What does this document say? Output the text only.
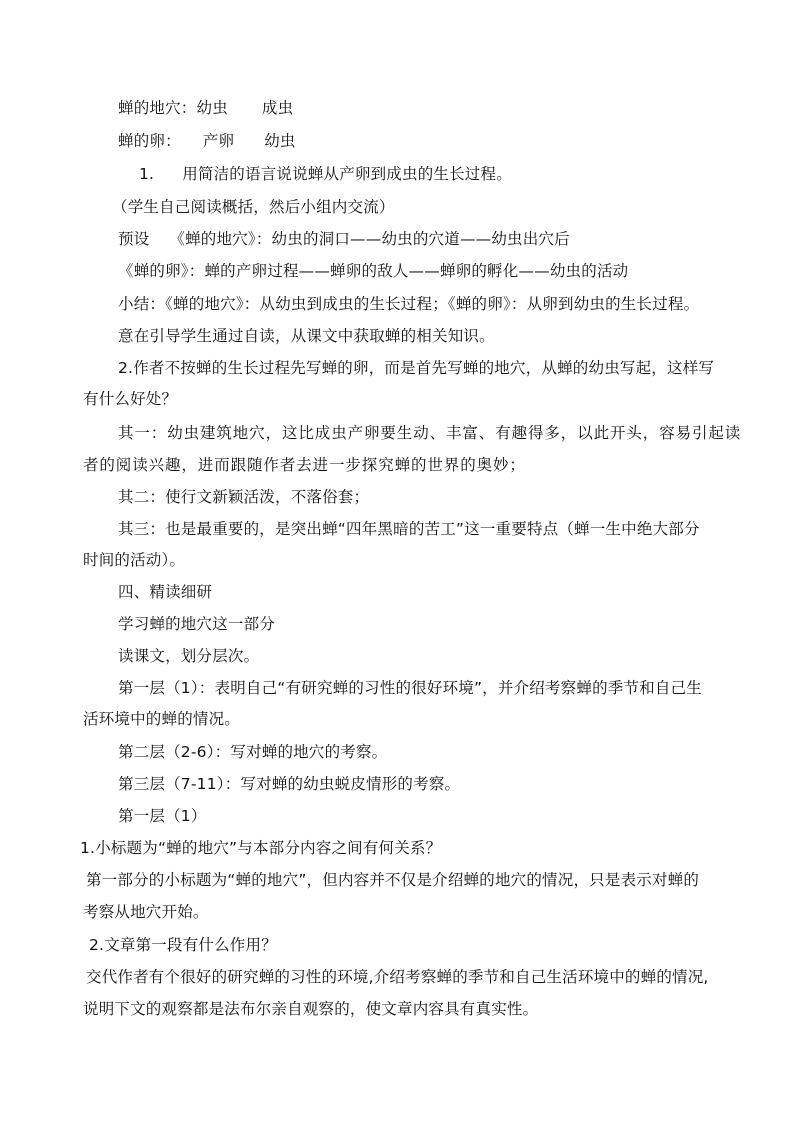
蝉的地穴：幼虫 成虫
蝉的卵： 产卵 幼虫
1. 用简洁的语言说说蝉从产卵到成虫的生长过程。
（学生自己阅读概括，然后小组内交流）
预设 《蝉的地穴》：幼虫的洞口——幼虫的穴道——幼虫出穴后
《蝉的卵》：蝉的产卵过程——蝉卵的敌人——蝉卵的孵化——幼虫的活动
小结：《蝉的地穴》：从幼虫到成虫的生长过程；《蝉的卵》：从卵到幼虫的生长过程。
意在引导学生通过自读，从课文中获取蝉的相关知识。
2.作者不按蝉的生长过程先写蝉的卵，而是首先写蝉的地穴，从蝉的幼虫写起，这样写
有什么好处？
其一：幼虫建筑地穴，这比成虫产卵要生动、丰富、有趣得多，以此开头，容易引起读
者的阅读兴趣，进而跟随作者去进一步探究蝉的世界的奥妙；
其二：使行文新颖活泼，不落俗套；
其三：也是最重要的，是突出蝉“四年黑暗的苦工”这一重要特点（蝉一生中绝大部分
时间的活动）。
四、精读细研
学习蝉的地穴这一部分
读课文，划分层次。
第一层（1）：表明自己“有研究蝉的习性的很好环境”，并介绍考察蝉的季节和自己生
活环境中的蝉的情况。
第二层（2-6）：写对蝉的地穴的考察。
第三层（7-11）：写对蝉的幼虫蜕皮情形的考察。
第一层（1）
1.小标题为“蝉的地穴”与本部分内容之间有何关系？
第一部分的小标题为“蝉的地穴”，但内容并不仅是介绍蝉的地穴的情况，只是表示对蝉的
考察从地穴开始。
2.文章第一段有什么作用？
交代作者有个很好的研究蝉的习性的环境,介绍考察蝉的季节和自己生活环境中的蝉的情况,
说明下文的观察都是法布尔亲自观察的，使文章内容具有真实性。
